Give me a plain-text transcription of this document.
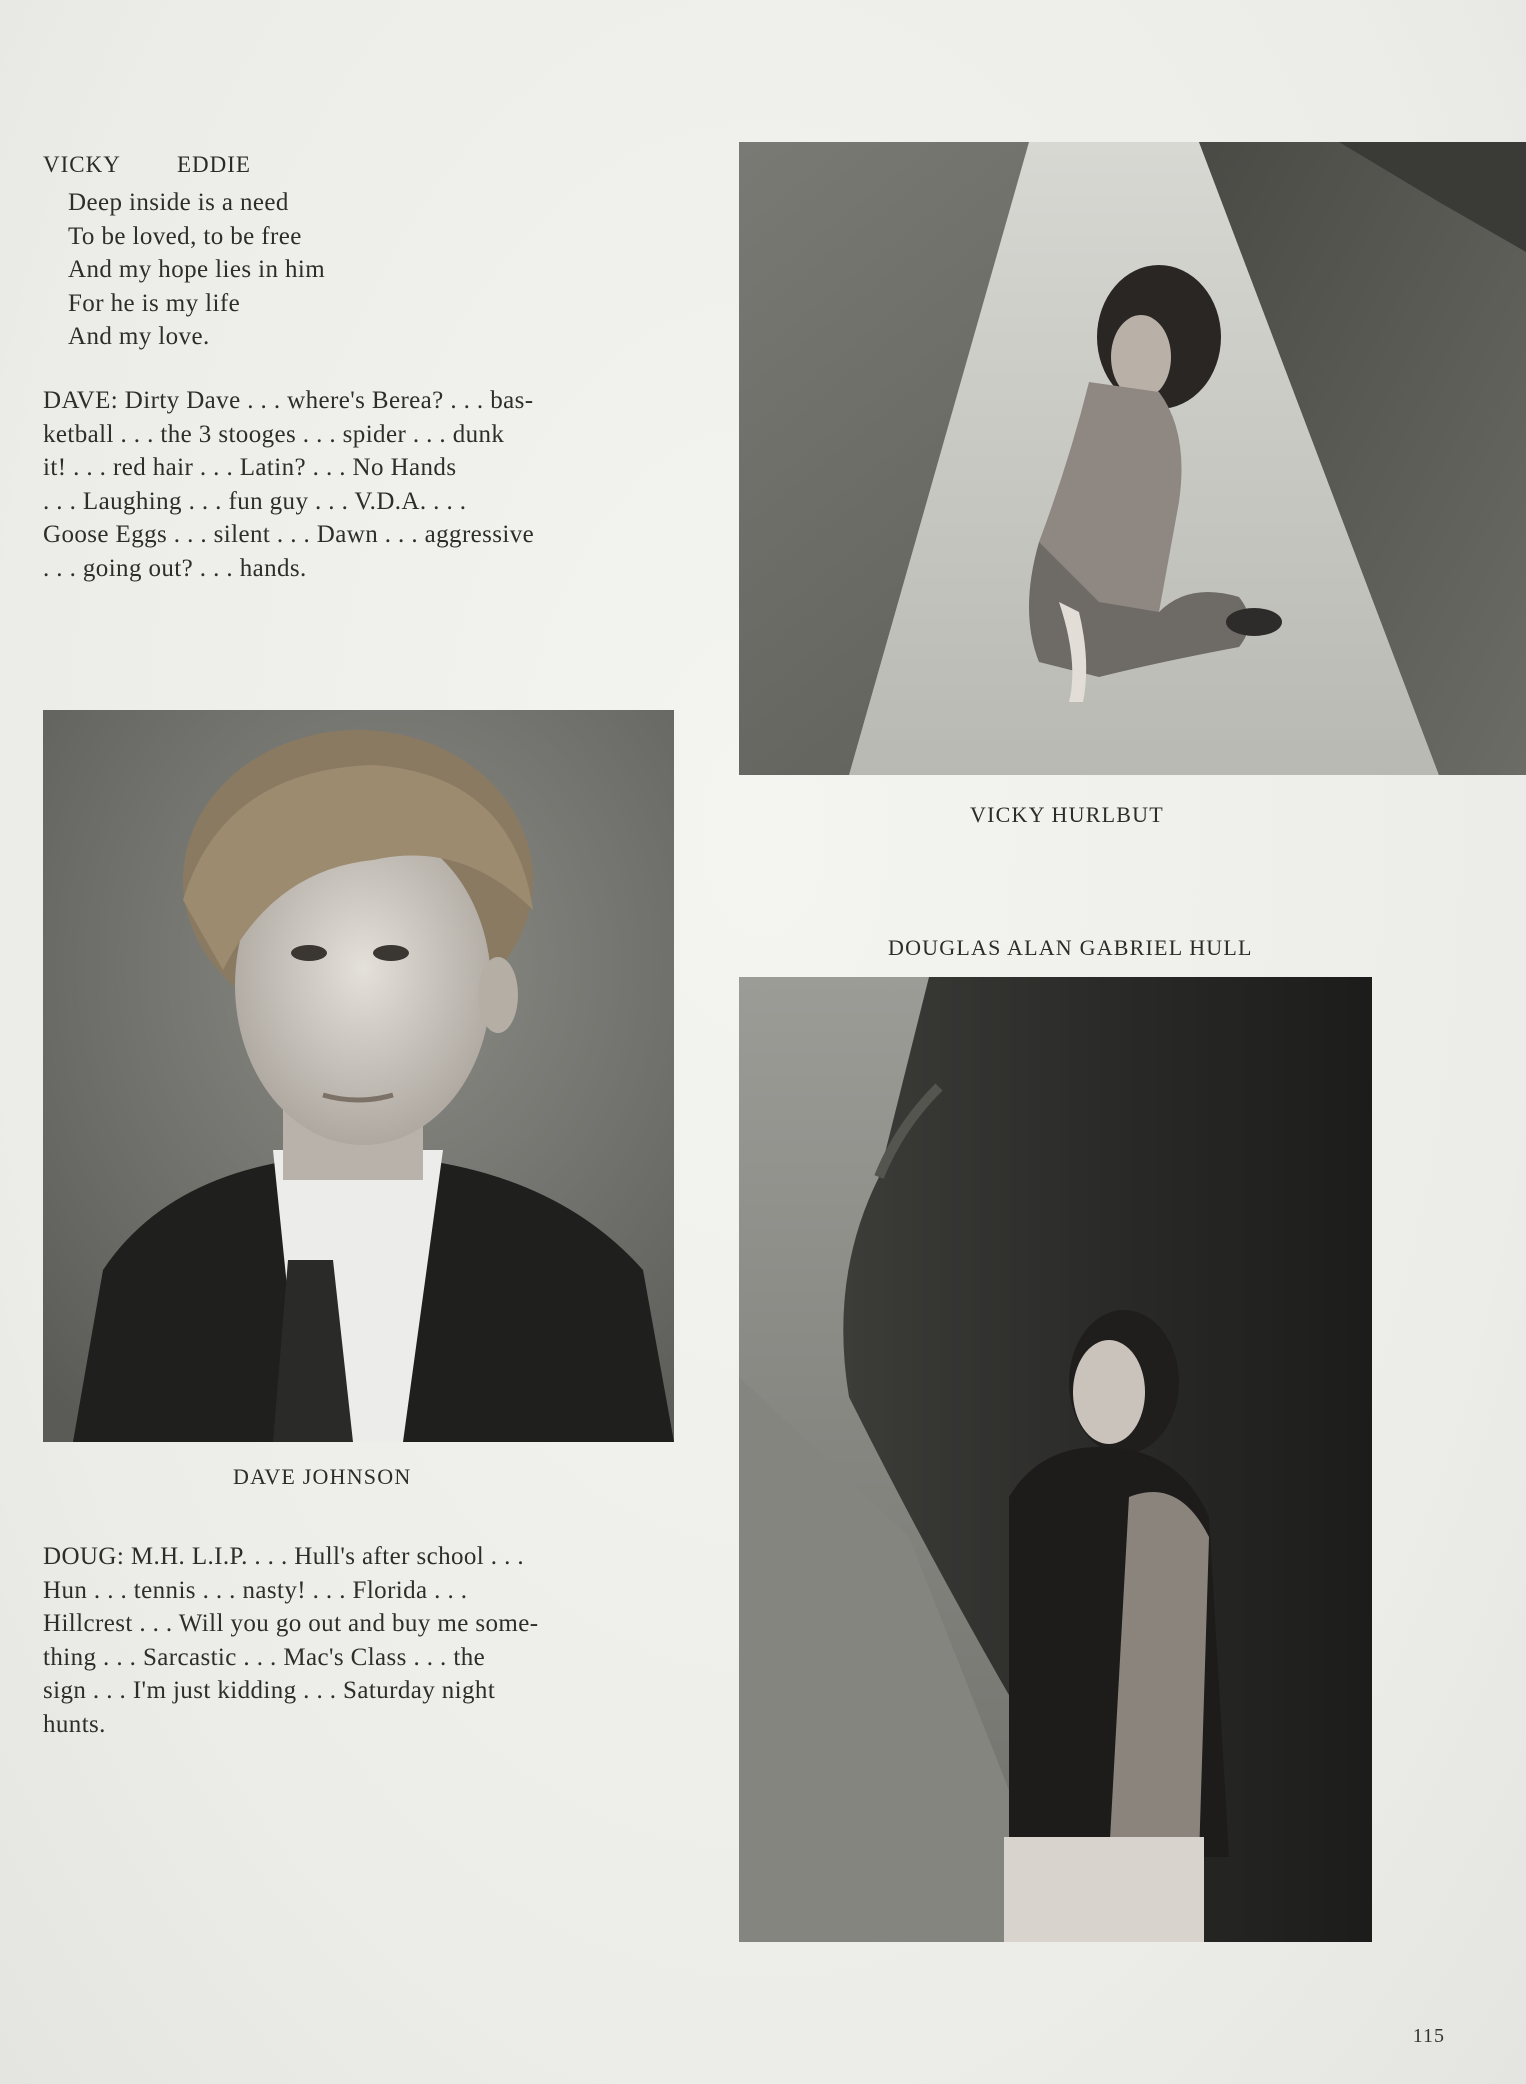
VICKY EDDIE
Deep inside is a need
To be loved, to be free
And my hope lies in him
For he is my life
And my love.
DAVE: Dirty Dave . . . where's Berea? . . . bas-
ketball . . . the 3 stooges . . . spider . . . dunk
it! . . . red hair . . . Latin? . . . No Hands
. . . Laughing . . . fun guy . . . V.D.A. . . .
Goose Eggs . . . silent . . . Dawn . . . aggressive
. . . going out? . . . hands.
VICKY HURLBUT
DOUGLAS ALAN GABRIEL HULL
DAVE JOHNSON
DOUG: M.H. L.I.P. . . . Hull's after school . . .
Hun . . . tennis . . . nasty! . . . Florida . . .
Hillcrest . . . Will you go out and buy me some-
thing . . . Sarcastic . . . Mac's Class . . . the
sign . . . I'm just kidding . . . Saturday night
hunts.
115
